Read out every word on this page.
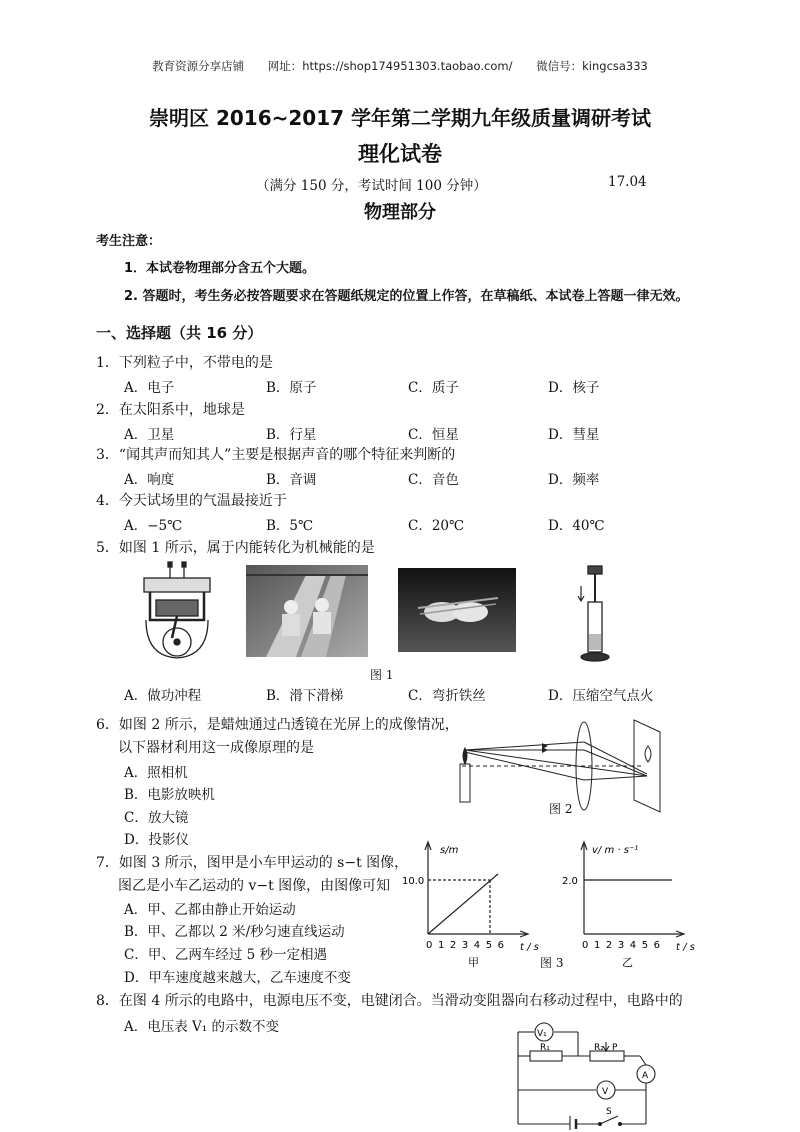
教育资源分享店铺 网址：https://shop174951303.taobao.com/ 微信号：kingcsa333
崇明区 2016~2017 学年第二学期九年级质量调研考试
理化试卷
（满分 150 分，考试时间 100 分钟）	17.04
物理部分
考生注意：
1．本试卷物理部分含五个大题。
2. 答题时，考生务必按答题要求在答题纸规定的位置上作答，在草稿纸、本试卷上答题一律无效。
一、选择题（共 16 分）
1．下列粒子中，不带电的是
A．电子	B．原子	C．质子	D．核子
2．在太阳系中，地球是
A．卫星	B．行星	C．恒星	D．彗星
3．“闻其声而知其人”主要是根据声音的哪个特征来判断的
A．响度	B．音调	C．音色	D．频率
4．今天试场里的气温最接近于
A．−5℃	B．5℃	C．20℃	D．40℃
5．如图 1 所示，属于内能转化为机械能的是
图 1
A．做功冲程	B．滑下滑梯	C．弯折铁丝	D．压缩空气点火
6．如图 2 所示，是蜡烛通过凸透镜在光屏上的成像情况，
以下器材利用这一成像原理的是
A．照相机
B．电影放映机
C．放大镜
D．投影仪
图 2
7．如图 3 所示，图甲是小车甲运动的 s−t 图像，
图乙是小车乙运动的 v−t 图像，由图像可知
A．甲、乙都由静止开始运动
B．甲、乙都以 2 米/秒匀速直线运动
C．甲、乙两车经过 5 秒一定相遇
D．甲车速度越来越大，乙车速度不变
s/m
10.0
0 1 2 3 4 5 6 t / s
甲
v/ m · s⁻¹
2.0
0 1 2 3 4 5 6 t / s
乙
图 3
8．在图 4 所示的电路中，电源电压不变，电键闭合。当滑动变阻器向右移动过程中，电路中的
A．电压表 V₁ 的示数不变	V₁
R₁	R₂ P
A
V
S
